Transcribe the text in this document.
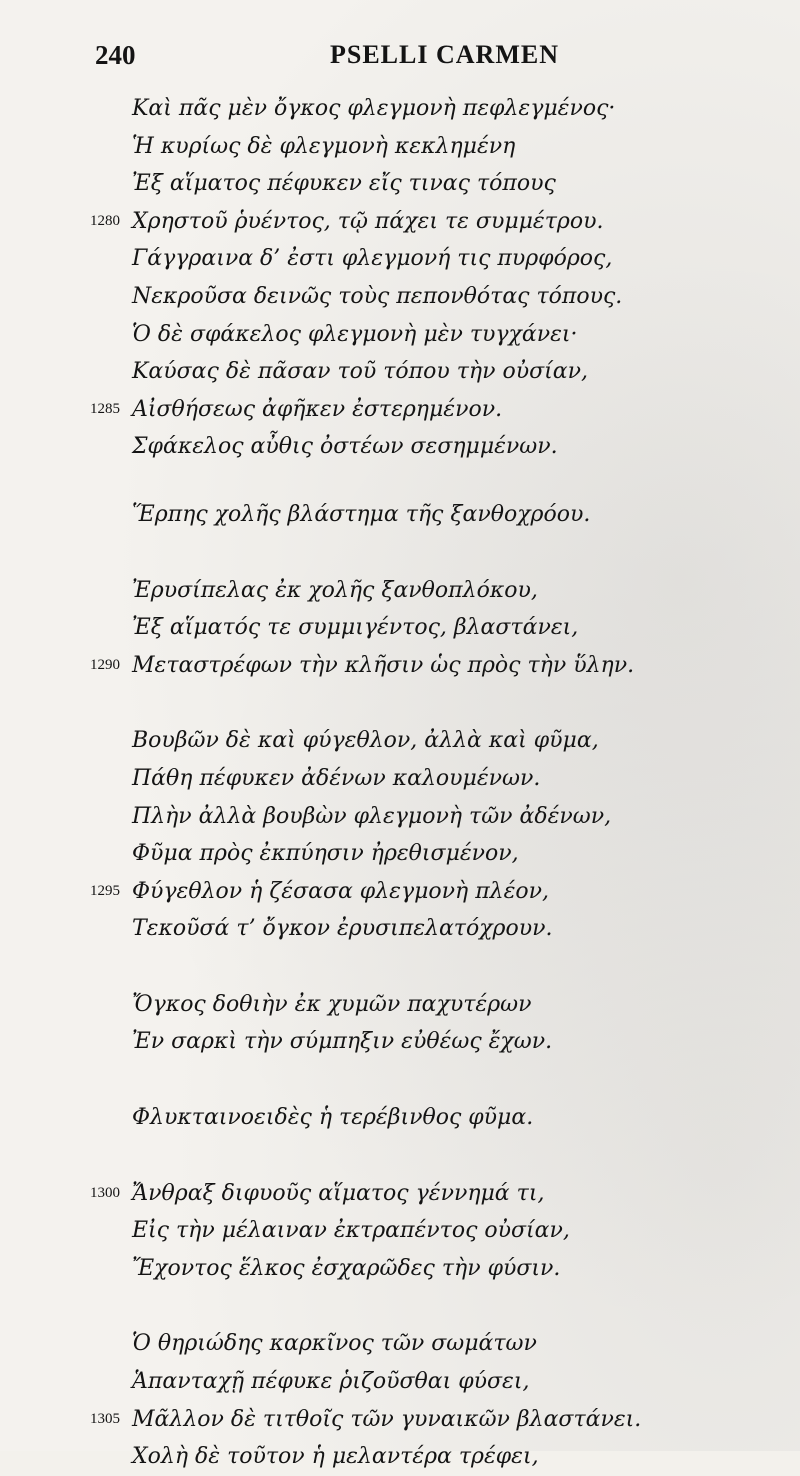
240	PSELLI CARMEN
Καὶ πᾶς μὲν ὄγκος φλεγμονὴ πεφλεγμένος·
Ἡ κυρίως δὲ φλεγμονὴ κεκλημένη
Ἐξ αἵματος πέφυκεν εἴς τινας τόπους
1280 Χρηστοῦ ῥυέντος, τῷ πάχει τε συμμέτρου.
Γάγγραινα δ’ ἐστι φλεγμονή τις πυρφόρος,
Νεκροῦσα δεινῶς τοὺς πεπονθότας τόπους.
Ὁ δὲ σφάκελος φλεγμονὴ μὲν τυγχάνει·
Καύσας δὲ πᾶσαν τοῦ τόπου τὴν οὐσίαν,
1285 Αἰσθήσεως ἀφῆκεν ἐστερημένον.
Σφάκελος αὖθις ὀστέων σεσημμένων.
Ἕρπης χολῆς βλάστημα τῆς ξανθοχρόου.
Ἐρυσίπελας ἐκ χολῆς ξανθοπλόκου,
Ἐξ αἵματός τε συμμιγέντος, βλαστάνει,
1290 Μεταστρέφων τὴν κλῆσιν ὡς πρὸς τὴν ὕλην.
Βουβῶν δὲ καὶ φύγεθλον, ἀλλὰ καὶ φῦμα,
Πάθη πέφυκεν ἀδένων καλουμένων.
Πλὴν ἀλλὰ βουβὼν φλεγμονὴ τῶν ἀδένων,
Φῦμα πρὸς ἐκπύησιν ἠρεθισμένον,
1295 Φύγεθλον ἡ ζέσασα φλεγμονὴ πλέον,
Τεκοῦσά τ’ ὄγκον ἐρυσιπελατόχρουν.
Ὄγκος δοθιὴν ἐκ χυμῶν παχυτέρων
Ἐν σαρκὶ τὴν σύμπηξιν εὐθέως ἔχων.
Φλυκταινοειδὲς ἡ τερέβινθος φῦμα.
1300 Ἄνθραξ διφυοῦς αἵματος γέννημά τι,
Εἰς τὴν μέλαιναν ἐκτραπέντος οὐσίαν,
Ἔχοντος ἕλκος ἐσχαρῶδες τὴν φύσιν.
Ὁ θηριώδης καρκῖνος τῶν σωμάτων
Ἁπανταχῇ πέφυκε ῥιζοῦσθαι φύσει,
1305 Μᾶλλον δὲ τιτθοῖς τῶν γυναικῶν βλαστάνει.
Χολὴ δὲ τοῦτον ἡ μελαντέρα τρέφει,
